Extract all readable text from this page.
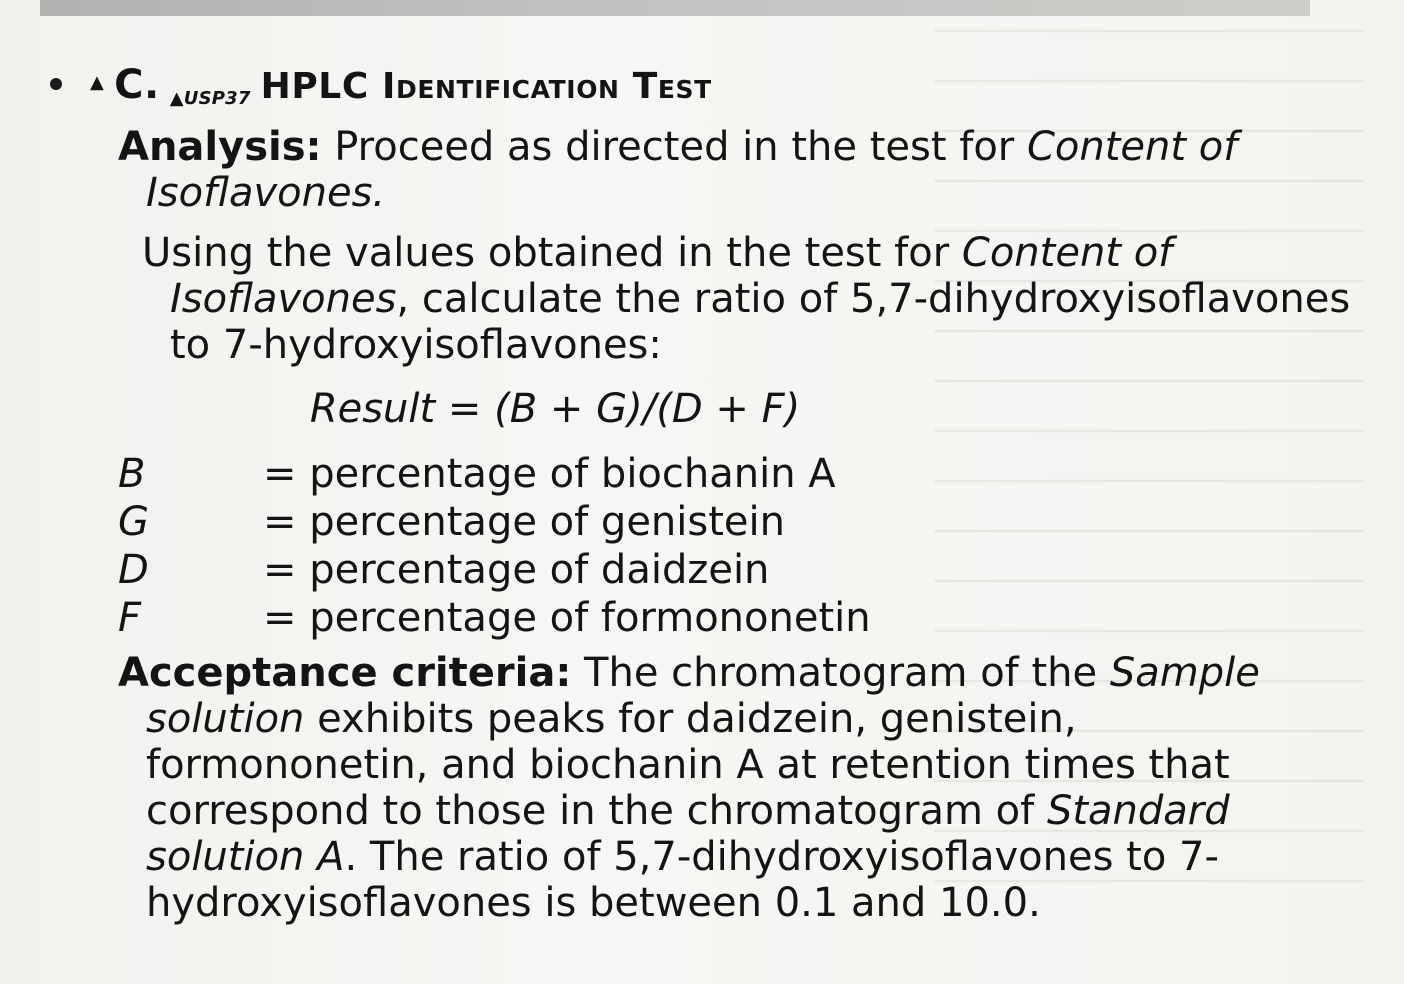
▲ C. ▲USP37 HPLC Identification Test
Analysis: Proceed as directed in the test for Content of Isoflavones.
Using the values obtained in the test for Content of Isoflavones, calculate the ratio of 5,7-dihydroxyisoflavones to 7-hydroxyisoflavones:
Result = (B + G)/(D + F)
B	= percentage of biochanin A
G	= percentage of genistein
D	= percentage of daidzein
F	= percentage of formononetin
Acceptance criteria: The chromatogram of the Sample solution exhibits peaks for daidzein, genistein, formononetin, and biochanin A at retention times that correspond to those in the chromatogram of Standard solution A. The ratio of 5,7-dihydroxyisoflavones to 7-hydroxyisoflavones is between 0.1 and 10.0.
